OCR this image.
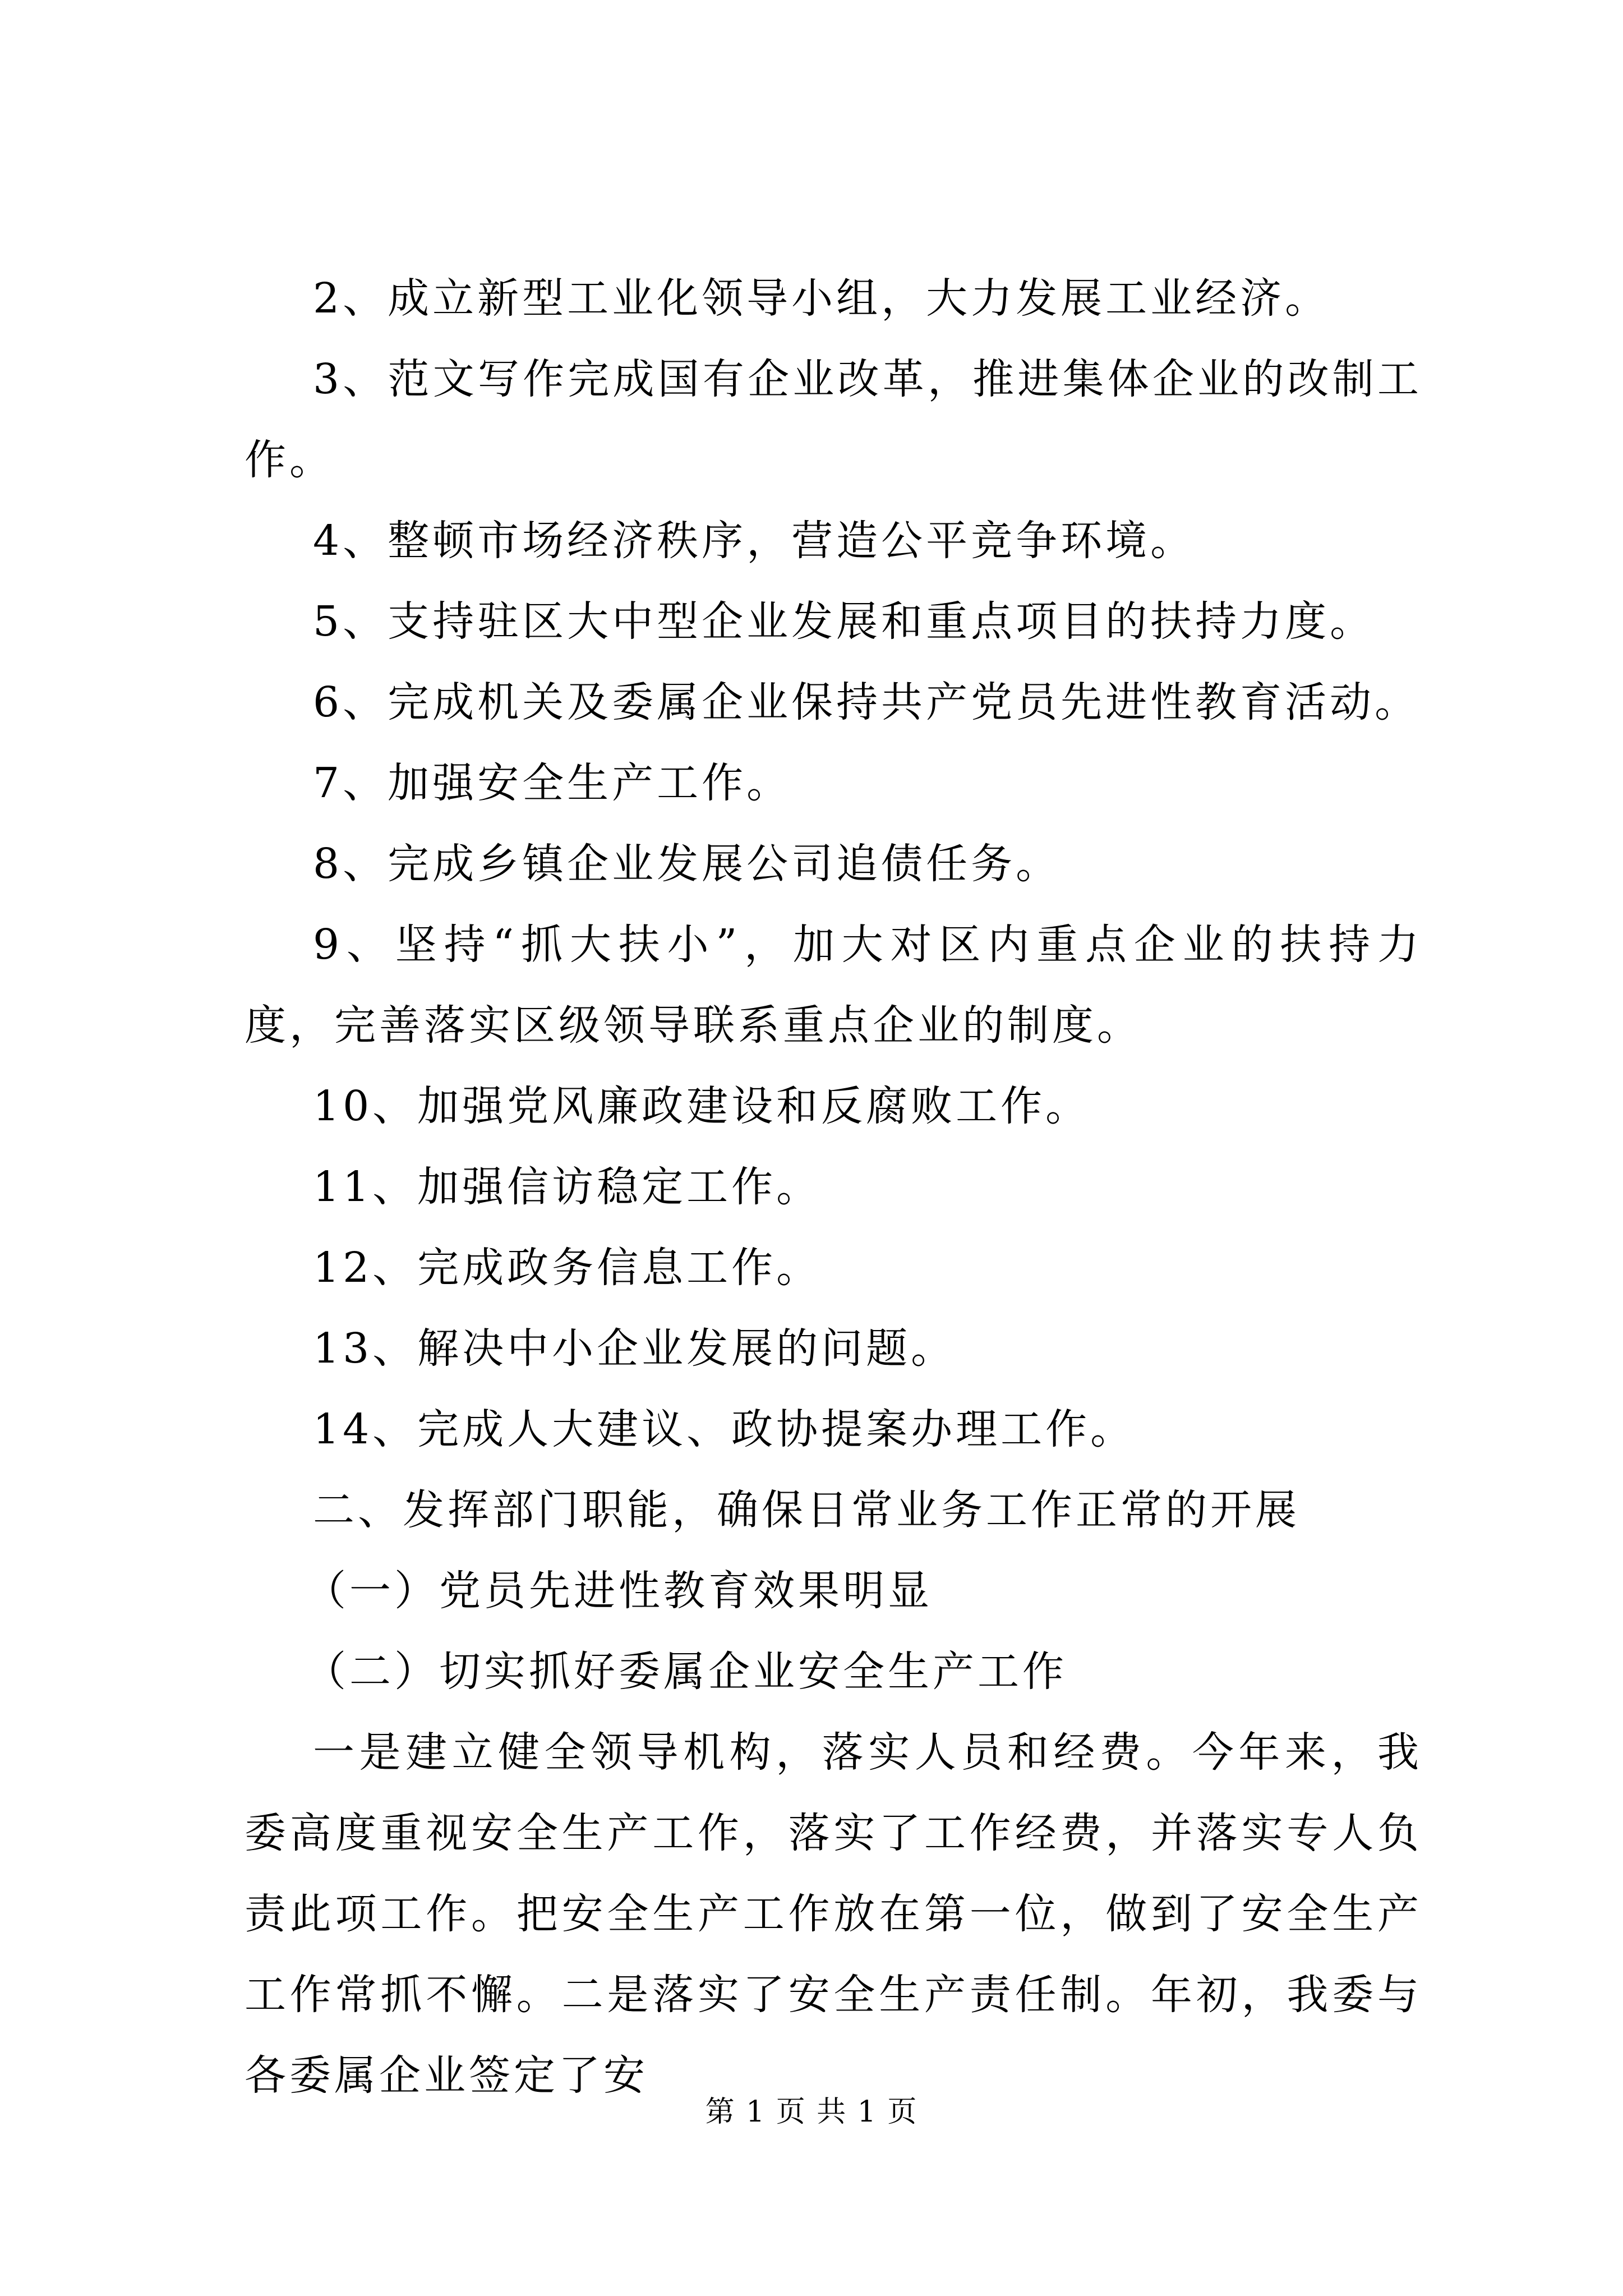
2、成立新型工业化领导小组，大力发展工业经济。

3、范文写作完成国有企业改革，推进集体企业的改制工作。

4、整顿市场经济秩序，营造公平竞争环境。

5、支持驻区大中型企业发展和重点项目的扶持力度。

6、完成机关及委属企业保持共产党员先进性教育活动。

7、加强安全生产工作。

8、完成乡镇企业发展公司追债任务。

9、坚持“抓大扶小”，加大对区内重点企业的扶持力度，完善落实区级领导联系重点企业的制度。

10、加强党风廉政建设和反腐败工作。

11、加强信访稳定工作。

12、完成政务信息工作。

13、解决中小企业发展的问题。

14、完成人大建议、政协提案办理工作。

二、发挥部门职能，确保日常业务工作正常的开展

（一）党员先进性教育效果明显

（二）切实抓好委属企业安全生产工作

一是建立健全领导机构，落实人员和经费。今年来，我委高度重视安全生产工作，落实了工作经费，并落实专人负责此项工作。把安全生产工作放在第一位，做到了安全生产工作常抓不懈。二是落实了安全生产责任制。年初，我委与各委属企业签定了安

第 1 页 共 1 页
